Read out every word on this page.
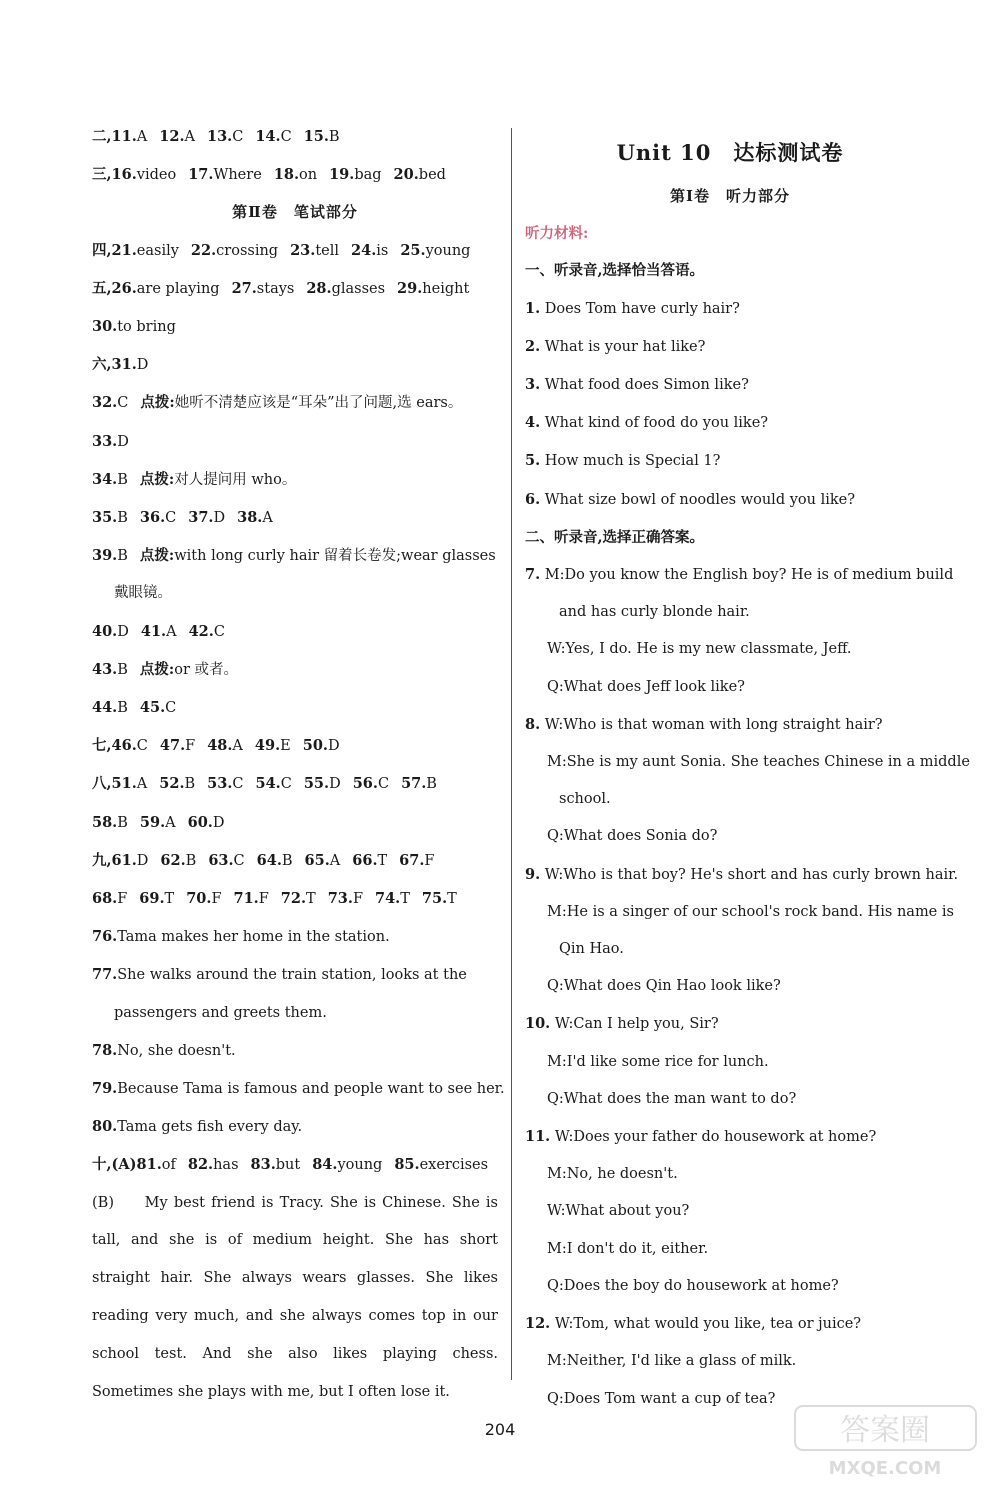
二,11.A 12.A 13.C 14.C 15.B
三,16.video 17.Where 18.on 19.bag 20.bed
第Ⅱ卷　笔试部分
四,21.easily 22.crossing 23.tell 24.is 25.young
五,26.are playing 27.stays 28.glasses 29.height
30.to bring
六,31.D
32.C 点拨:她听不清楚应该是“耳朵”出了问题,选 ears。
33.D
34.B 点拨:对人提问用 who。
35.B 36.C 37.D 38.A
39.B 点拨:with long curly hair 留着长卷发;wear glasses
戴眼镜。
40.D 41.A 42.C
43.B 点拨:or 或者。
44.B 45.C
七,46.C 47.F 48.A 49.E 50.D
八,51.A 52.B 53.C 54.C 55.D 56.C 57.B
58.B 59.A 60.D
九,61.D 62.B 63.C 64.B 65.A 66.T 67.F
68.F 69.T 70.F 71.F 72.T 73.F 74.T 75.T
76.Tama makes her home in the station.
77.She walks around the train station, looks at the
passengers and greets them.
78.No, she doesn't.
79.Because Tama is famous and people want to see her.
80.Tama gets fish every day.
十,(A)81.of 82.has 83.but 84.young 85.exercises
(B) My best friend is Tracy. She is Chinese. She is tall, and she is of medium height. She has short straight hair. She always wears glasses. She likes reading very much, and she always comes top in our school test. And she also likes playing chess. Sometimes she plays with me, but I often lose it.
Unit 10　达标测试卷
第Ⅰ卷　听力部分
听力材料:
一、听录音,选择恰当答语。
1. Does Tom have curly hair?
2. What is your hat like?
3. What food does Simon like?
4. What kind of food do you like?
5. How much is Special 1?
6. What size bowl of noodles would you like?
二、听录音,选择正确答案。
7. M:Do you know the English boy? He is of medium build
and has curly blonde hair.
W:Yes, I do. He is my new classmate, Jeff.
Q:What does Jeff look like?
8. W:Who is that woman with long straight hair?
M:She is my aunt Sonia. She teaches Chinese in a middle
school.
Q:What does Sonia do?
9. W:Who is that boy? He's short and has curly brown hair.
M:He is a singer of our school's rock band. His name is
Qin Hao.
Q:What does Qin Hao look like?
10. W:Can I help you, Sir?
M:I'd like some rice for lunch.
Q:What does the man want to do?
11. W:Does your father do housework at home?
M:No, he doesn't.
W:What about you?
M:I don't do it, either.
Q:Does the boy do housework at home?
12. W:Tom, what would you like, tea or juice?
M:Neither, I'd like a glass of milk.
Q:Does Tom want a cup of tea?
204	答案圈
MXQE.COM
